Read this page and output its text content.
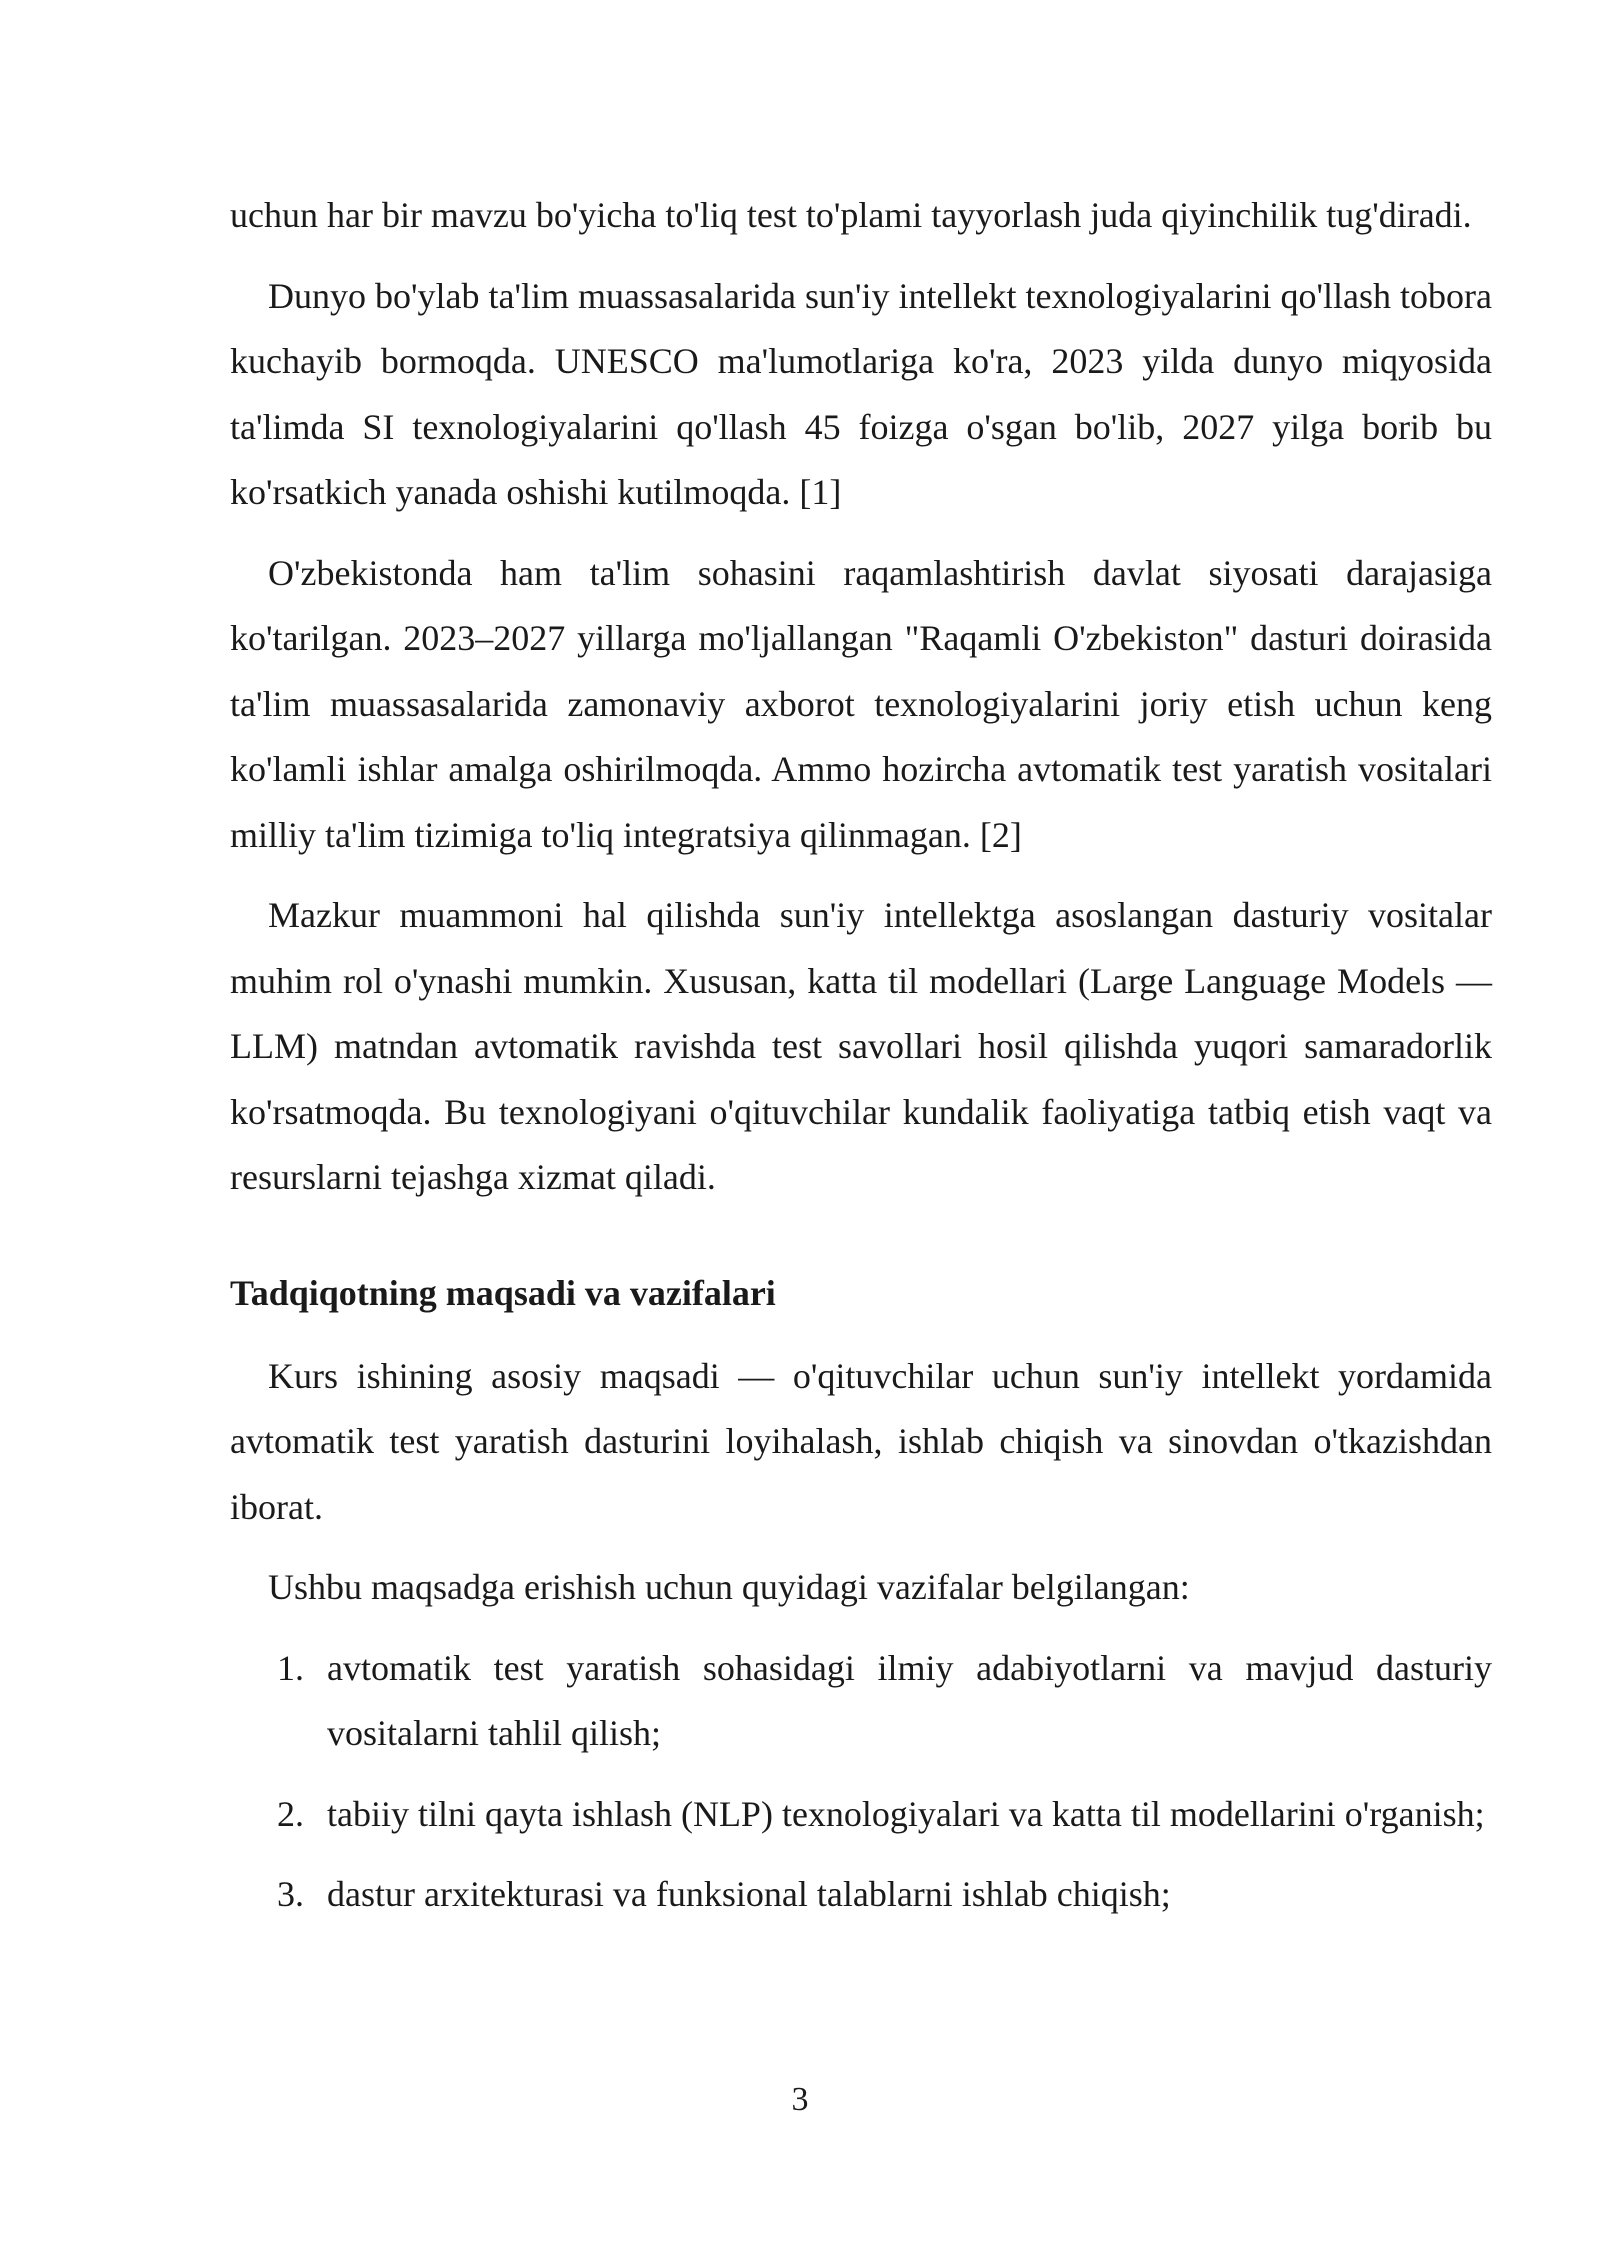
uchun har bir mavzu bo'yicha to'liq test to'plami tayyorlash juda qiyinchilik tug'diradi.

Dunyo bo'ylab ta'lim muassasalarida sun'iy intellekt texnologiyalarini qo'llash tobora kuchayib bormoqda. UNESCO ma'lumotlariga ko'ra, 2023 yilda dunyo miqyosida ta'limda SI texnologiyalarini qo'llash 45 foizga o'sgan bo'lib, 2027 yilga borib bu ko'rsatkich yanada oshishi kutilmoqda. [1]

O'zbekistonda ham ta'lim sohasini raqamlashtirish davlat siyosati darajasiga ko'tarilgan. 2023–2027 yillarga mo'ljallangan "Raqamli O'zbekiston" dasturi doirasida ta'lim muassasalarida zamonaviy axborot texnologiyalarini joriy etish uchun keng ko'lamli ishlar amalga oshirilmoqda. Ammo hozircha avtomatik test yaratish vositalari milliy ta'lim tizimiga to'liq integratsiya qilinmagan. [2]

Mazkur muammoni hal qilishda sun'iy intellektga asoslangan dasturiy vositalar muhim rol o'ynashi mumkin. Xususan, katta til modellari (Large Language Models — LLM) matndan avtomatik ravishda test savollari hosil qilishda yuqori samaradorlik ko'rsatmoqda. Bu texnologiyani o'qituvchilar kundalik faoliyatiga tatbiq etish vaqt va resurslarni tejashga xizmat qiladi.

Tadqiqotning maqsadi va vazifalari

Kurs ishining asosiy maqsadi — o'qituvchilar uchun sun'iy intellekt yordamida avtomatik test yaratish dasturini loyihalash, ishlab chiqish va sinovdan o'tkazishdan iborat.

Ushbu maqsadga erishish uchun quyidagi vazifalar belgilangan:

1. avtomatik test yaratish sohasidagi ilmiy adabiyotlarni va mavjud dasturiy vositalarni tahlil qilish;
2. tabiiy tilni qayta ishlash (NLP) texnologiyalari va katta til modellarini o'rganish;
3. dastur arxitekturasi va funksional talablarni ishlab chiqish;
3
